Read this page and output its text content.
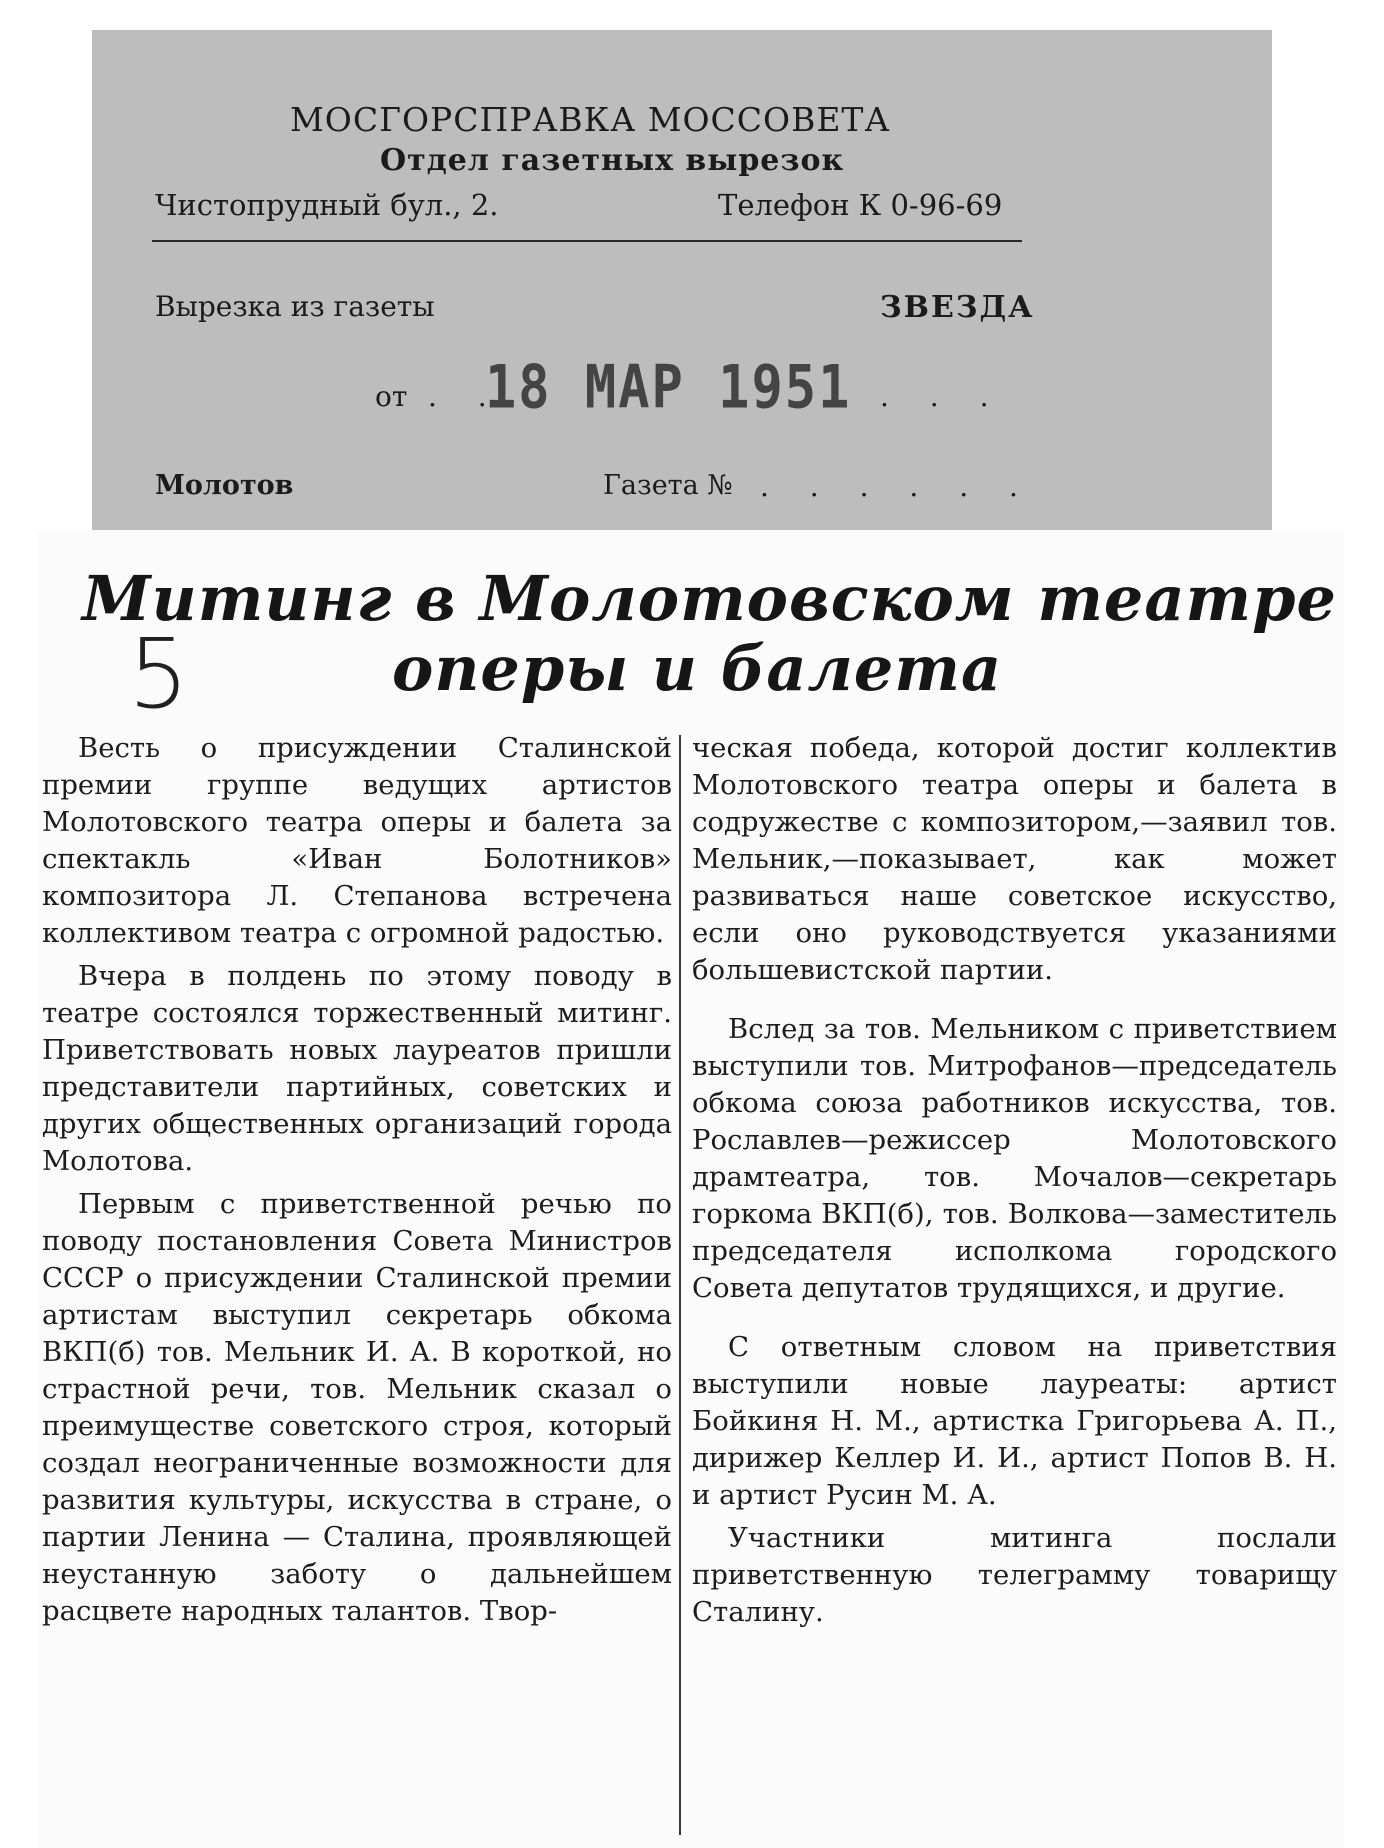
МОСГОРСПРАВКА МОССОВЕТА
Отдел газетных вырезок
Чистопрудный бул., 2.	Телефон К 0-96-69
Вырезка из газеты	ЗВЕЗДА
от . .
18 МАР 1951 . . .
Молотов	Газета № . . . . . .
Митинг в Молотовском театре
оперы и балета
5

Весть о присуждении Сталинской премии группе ведущих артистов Молотовского театра оперы и балета за спектакль «Иван Болотников» композитора Л. Степанова встречена коллективом театра с огромной радостью.

Вчера в полдень по этому поводу в театре состоялся торжественный митинг. Приветствовать новых лауреатов пришли представители партийных, советских и других общественных организаций города Молотова.

Первым с приветственной речью по поводу постановления Совета Министров СССР о присуждении Сталинской премии артистам выступил секретарь обкома ВКП(б) тов. Мельник И. А. В короткой, но страстной речи, тов. Мельник сказал о преимуществе советского строя, который создал неограниченные возможности для развития культуры, искусства в стране, о партии Ленина — Сталина, проявляющей неустанную заботу о дальнейшем расцвете народных талантов. Твор-

ческая победа, которой достиг коллектив Молотовского театра оперы и балета в содружестве с композитором,—заявил тов. Мельник,—показывает, как может развиваться наше советское искусство, если оно руководствуется указаниями большевистской партии.

Вслед за тов. Мельником с приветствием выступили тов. Митрофанов—председатель обкома союза работников искусства, тов. Рославлев—режиссер Молотовского драмтеатра, тов. Мочалов—секретарь горкома ВКП(б), тов. Волкова—заместитель председателя исполкома городского Совета депутатов трудящихся, и другие.

С ответным словом на приветствия выступили новые лауреаты: артист Бойкиня Н. М., артистка Григорьева А. П., дирижер Келлер И. И., артист Попов В. Н. и артист Русин М. А.

Участники митинга послали приветственную телеграмму товарищу Сталину.
